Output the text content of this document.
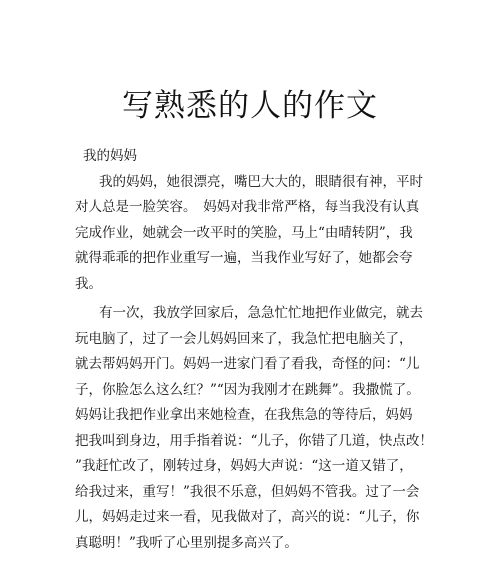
写熟悉的人的作文

我的妈妈

我的妈妈，她很漂亮，嘴巴大大的，眼睛很有神，平时
对人总是一脸笑容。　妈妈对我非常严格，每当我没有认真
完成作业，她就会一改平时的笑脸，马上“由晴转阴”，我
就得乖乖的把作业重写一遍，当我作业写好了，她都会夸
我。
有一次，我放学回家后，急急忙忙地把作业做完，就去
玩电脑了，过了一会儿妈妈回来了，我急忙把电脑关了，
就去帮妈妈开门。妈妈一进家门看了看我，奇怪的问：“儿
子，你脸怎么这么红？”“因为我刚才在跳舞”。我撒慌了。
妈妈让我把作业拿出来她检查，在我焦急的等待后，妈妈
把我叫到身边，用手指着说：“儿子，你错了几道，快点改！
”我赶忙改了，刚转过身，妈妈大声说：“这一道又错了，
给我过来，重写！”我很不乐意，但妈妈不管我。过了一会
儿，妈妈走过来一看，见我做对了，高兴的说：“儿子，你
真聪明！”我听了心里别提多高兴了。
